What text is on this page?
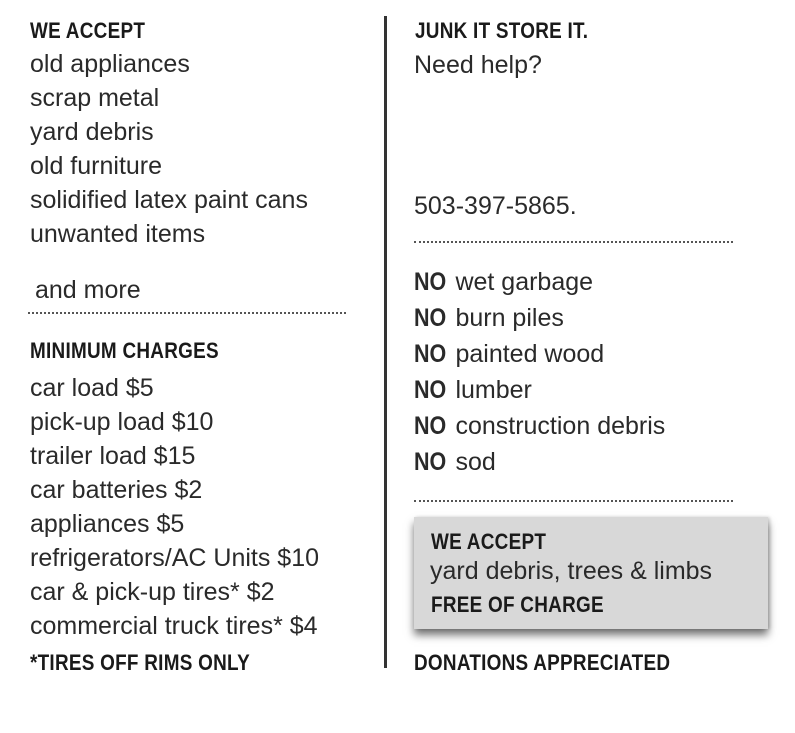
WE ACCEPT
old appliances
scrap metal
yard debris
old furniture
solidified latex paint cans
unwanted items
and more
MINIMUM CHARGES
car load $5
pick-up load $10
trailer load $15
car batteries $2
appliances $5
refrigerators/AC Units $10
car & pick-up tires* $2
commercial truck tires* $4
*TIRES OFF RIMS ONLY
JUNK IT STORE IT.
Need help?
503-397-5865.
NO wet garbage
NO burn piles
NO painted wood
NO lumber
NO construction debris
NO sod
WE ACCEPT
yard debris, trees & limbs
FREE OF CHARGE
DONATIONS APPRECIATED
